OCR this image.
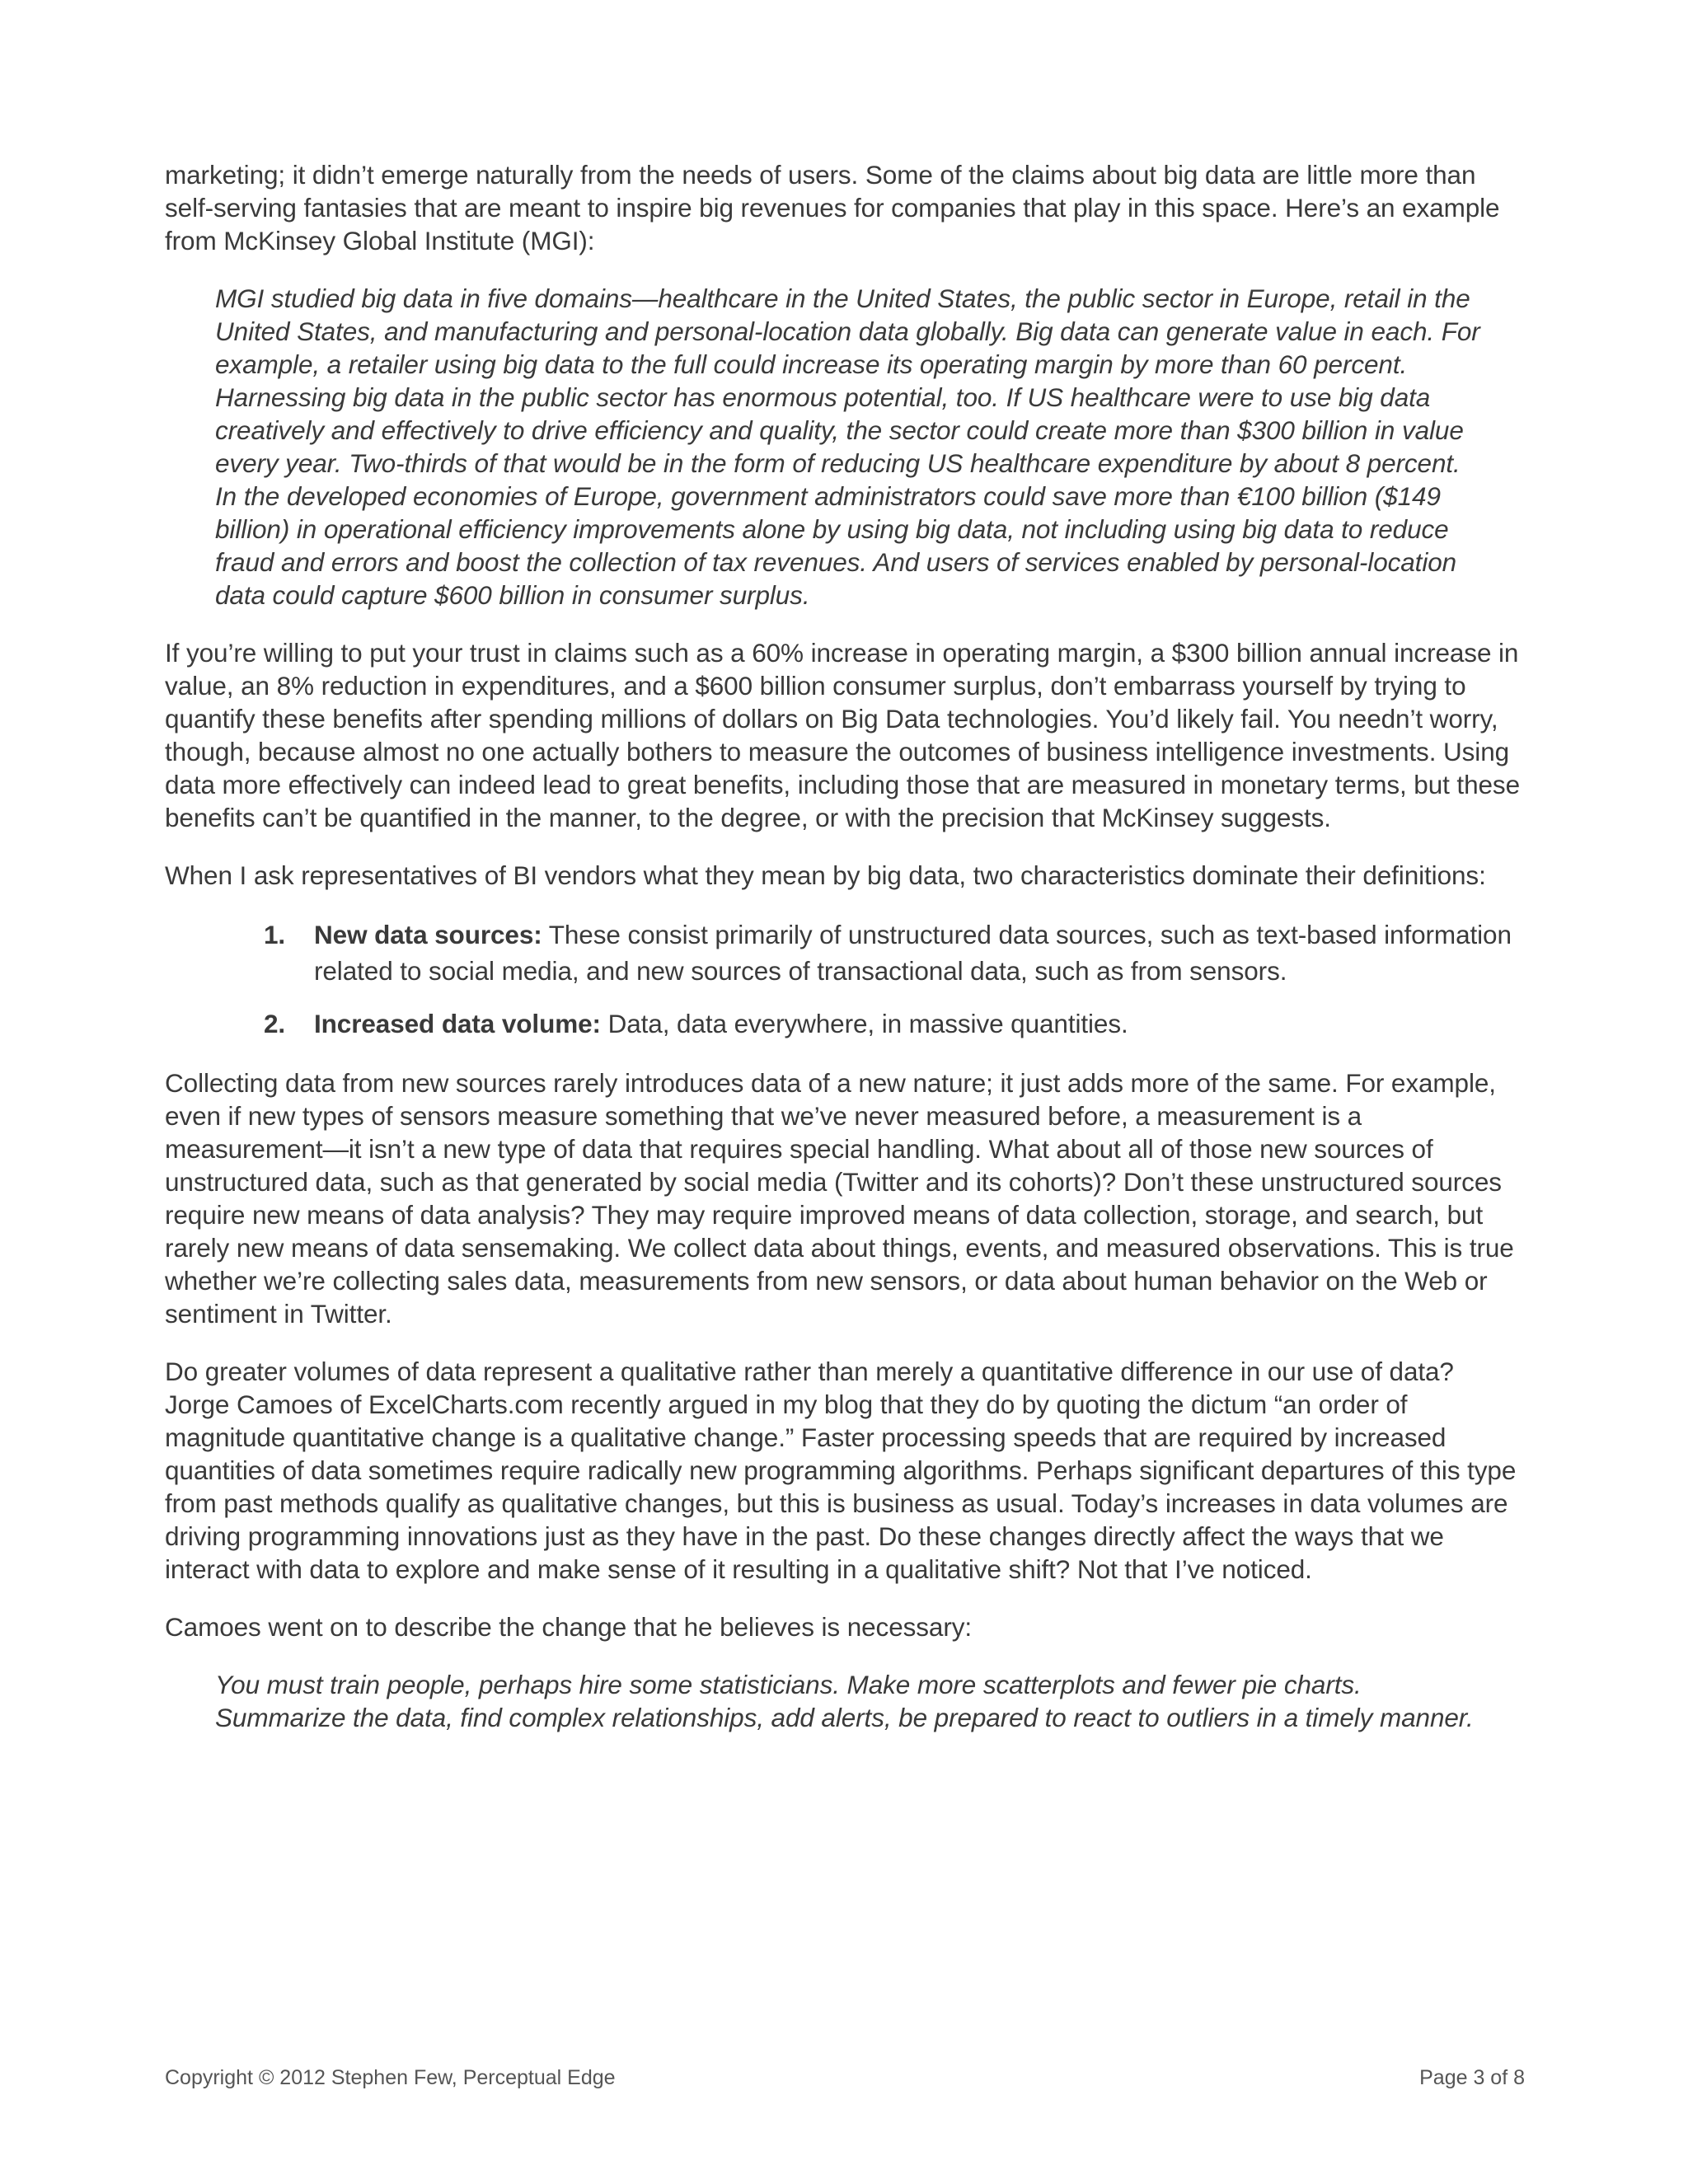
marketing; it didn’t emerge naturally from the needs of users. Some of the claims about big data are little more than self-serving fantasies that are meant to inspire big revenues for companies that play in this space. Here’s an example from McKinsey Global Institute (MGI):

MGI studied big data in five domains—healthcare in the United States, the public sector in Europe, retail in the United States, and manufacturing and personal-location data globally. Big data can generate value in each. For example, a retailer using big data to the full could increase its operating margin by more than 60 percent. Harnessing big data in the public sector has enormous potential, too. If US healthcare were to use big data creatively and effectively to drive efficiency and quality, the sector could create more than $300 billion in value every year. Two-thirds of that would be in the form of reducing US healthcare expenditure by about 8 percent. In the developed economies of Europe, government administrators could save more than €100 billion ($149 billion) in operational efficiency improvements alone by using big data, not including using big data to reduce fraud and errors and boost the collection of tax revenues. And users of services enabled by personal-location data could capture $600 billion in consumer surplus.

If you’re willing to put your trust in claims such as a 60% increase in operating margin, a $300 billion annual increase in value, an 8% reduction in expenditures, and a $600 billion consumer surplus, don’t embarrass yourself by trying to quantify these benefits after spending millions of dollars on Big Data technologies. You’d likely fail. You needn’t worry, though, because almost no one actually bothers to measure the outcomes of business intelligence investments. Using data more effectively can indeed lead to great benefits, including those that are measured in monetary terms, but these benefits can’t be quantified in the manner, to the degree, or with the precision that McKinsey suggests.

When I ask representatives of BI vendors what they mean by big data, two characteristics dominate their definitions:

1. New data sources: These consist primarily of unstructured data sources, such as text-based information related to social media, and new sources of transactional data, such as from sensors.
2. Increased data volume: Data, data everywhere, in massive quantities.

Collecting data from new sources rarely introduces data of a new nature; it just adds more of the same. For example, even if new types of sensors measure something that we’ve never measured before, a measurement is a measurement—it isn’t a new type of data that requires special handling. What about all of those new sources of unstructured data, such as that generated by social media (Twitter and its cohorts)? Don’t these unstructured sources require new means of data analysis? They may require improved means of data collection, storage, and search, but rarely new means of data sensemaking. We collect data about things, events, and measured observations. This is true whether we’re collecting sales data, measurements from new sensors, or data about human behavior on the Web or sentiment in Twitter.

Do greater volumes of data represent a qualitative rather than merely a quantitative difference in our use of data? Jorge Camoes of ExcelCharts.com recently argued in my blog that they do by quoting the dictum “an order of magnitude quantitative change is a qualitative change.” Faster processing speeds that are required by increased quantities of data sometimes require radically new programming algorithms. Perhaps significant departures of this type from past methods qualify as qualitative changes, but this is business as usual. Today’s increases in data volumes are driving programming innovations just as they have in the past. Do these changes directly affect the ways that we interact with data to explore and make sense of it resulting in a qualitative shift? Not that I’ve noticed.

Camoes went on to describe the change that he believes is necessary:

You must train people, perhaps hire some statisticians. Make more scatterplots and fewer pie charts. Summarize the data, find complex relationships, add alerts, be prepared to react to outliers in a timely manner.
Copyright © 2012 Stephen Few, Perceptual Edge	Page 3 of 8
